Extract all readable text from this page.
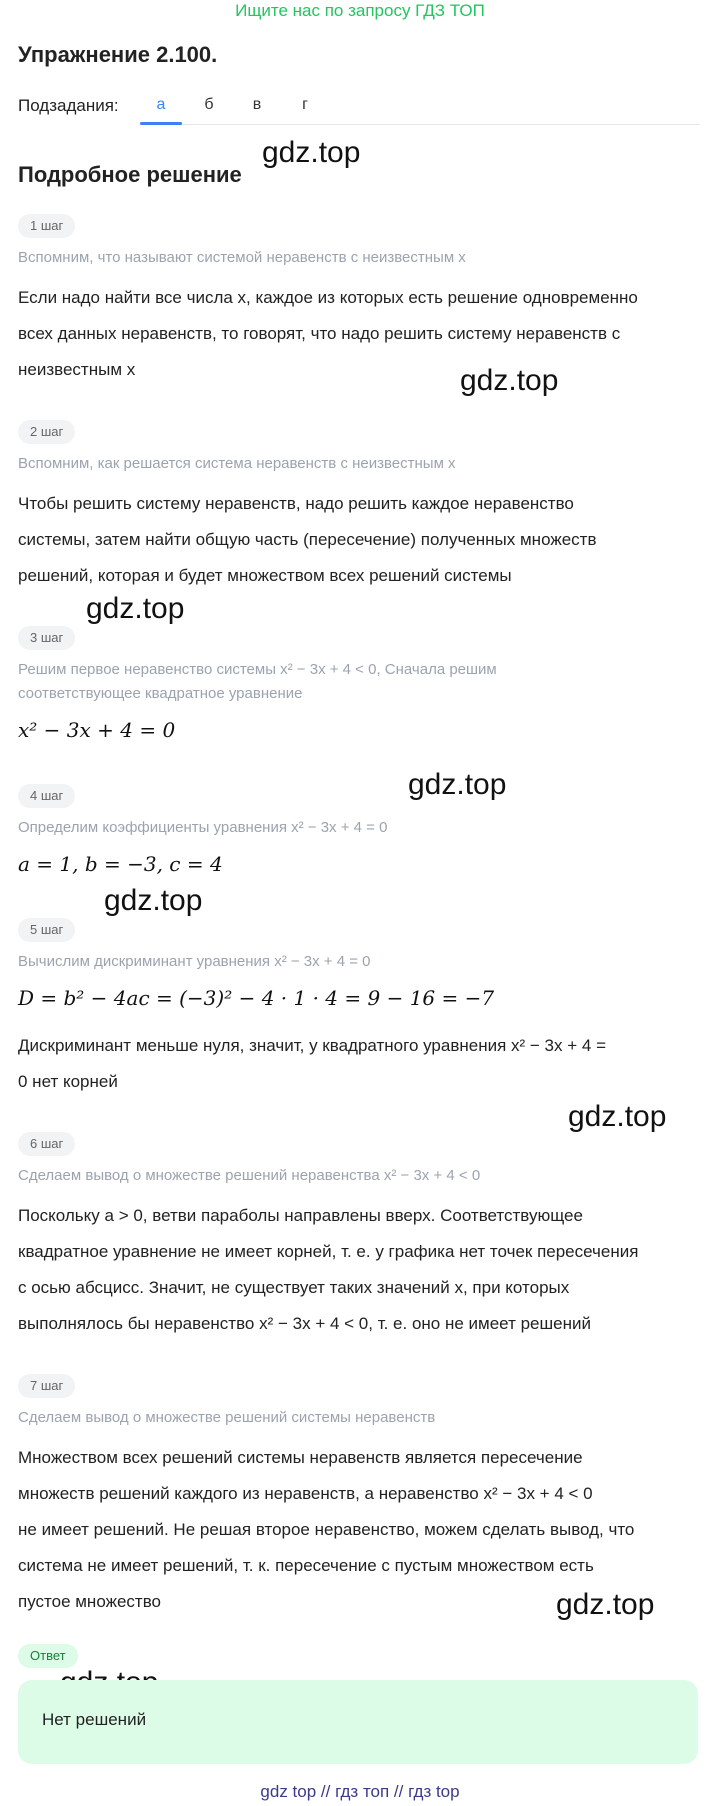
Ищите нас по запросу ГДЗ ТОП
Упражнение 2.100.
Подзадания:	а	б	в	г
Подробное решение
gdz.top
gdz.top
gdz.top
gdz.top
gdz.top
gdz.top
gdz.top
1 шаг
Вспомним, что называют системой неравенств с неизвестным x
Если надо найти все числа x, каждое из которых есть решение одновременно
всех данных неравенств, то говорят, что надо решить систему неравенств с
неизвестным x
2 шаг
Вспомним, как решается система неравенств с неизвестным x
Чтобы решить систему неравенств, надо решить каждое неравенство
системы, затем найти общую часть (пересечение) полученных множеств
решений, которая и будет множеством всех решений системы
3 шаг
Решим первое неравенство системы x² − 3x + 4 < 0, Сначала решим
соответствующее квадратное уравнение
x² − 3x + 4 = 0
4 шаг
Определим коэффициенты уравнения x² − 3x + 4 = 0
a = 1, b = −3, c = 4
5 шаг
Вычислим дискриминант уравнения x² − 3x + 4 = 0
D = b² − 4ac = (−3)² − 4 · 1 · 4 = 9 − 16 = −7
Дискриминант меньше нуля, значит, у квадратного уравнения x² − 3x + 4 =
0 нет корней
6 шаг
Сделаем вывод о множестве решений неравенства x² − 3x + 4 < 0
Поскольку a > 0, ветви параболы направлены вверх. Соответствующее
квадратное уравнение не имеет корней, т. е. у графика нет точек пересечения
с осью абсцисс. Значит, не существует таких значений x, при которых
выполнялось бы неравенство x² − 3x + 4 < 0, т. е. оно не имеет решений
7 шаг
Сделаем вывод о множестве решений системы неравенств
Множеством всех решений системы неравенств является пересечение
множеств решений каждого из неравенств, а неравенство x² − 3x + 4 < 0
не имеет решений. Не решая второе неравенство, можем сделать вывод, что
система не имеет решений, т. к. пересечение с пустым множеством есть
пустое множество
Ответ
Нет решений
gdz top // гдз топ // гдз top
